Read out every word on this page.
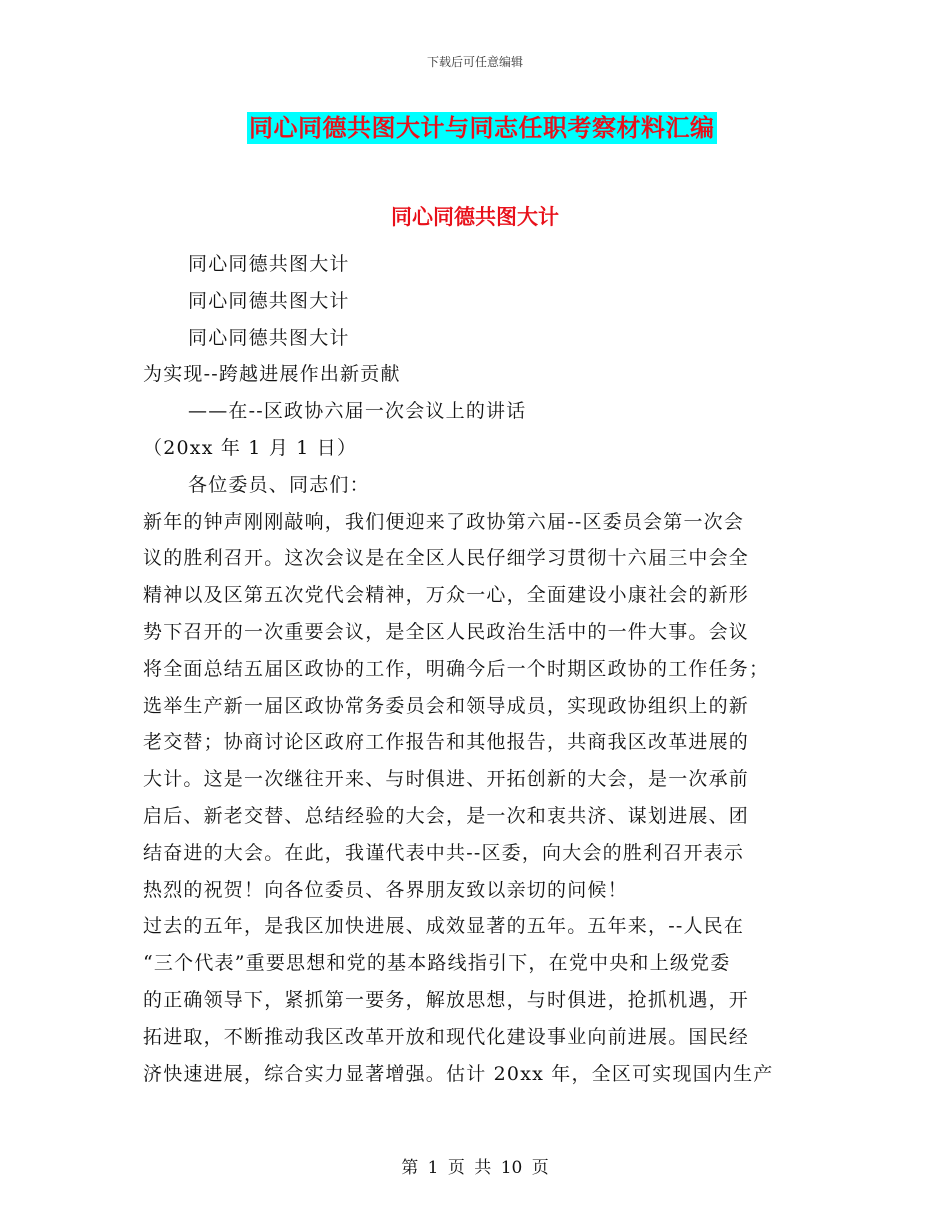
下载后可任意编辑
同心同德共图大计与同志任职考察材料汇编
同心同德共图大计
同心同德共图大计
同心同德共图大计
同心同德共图大计
为实现--跨越进展作出新贡献
——在--区政协六届一次会议上的讲话
（20xx 年 1 月 1 日）
各位委员、同志们：
新年的钟声刚刚敲响，我们便迎来了政协第六届--区委员会第一次会
议的胜利召开。这次会议是在全区人民仔细学习贯彻十六届三中会全
精神以及区第五次党代会精神，万众一心，全面建设小康社会的新形
势下召开的一次重要会议，是全区人民政治生活中的一件大事。会议
将全面总结五届区政协的工作，明确今后一个时期区政协的工作任务；
选举生产新一届区政协常务委员会和领导成员，实现政协组织上的新
老交替；协商讨论区政府工作报告和其他报告，共商我区改革进展的
大计。这是一次继往开来、与时俱进、开拓创新的大会，是一次承前
启后、新老交替、总结经验的大会，是一次和衷共济、谋划进展、团
结奋进的大会。在此，我谨代表中共--区委，向大会的胜利召开表示
热烈的祝贺！向各位委员、各界朋友致以亲切的问候！
过去的五年，是我区加快进展、成效显著的五年。五年来，--人民在
“三个代表”重要思想和党的基本路线指引下，在党中央和上级党委
的正确领导下，紧抓第一要务，解放思想，与时俱进，抢抓机遇，开
拓进取，不断推动我区改革开放和现代化建设事业向前进展。国民经
济快速进展，综合实力显著增强。估计 20xx 年，全区可实现国内生产
第 1 页 共 10 页
